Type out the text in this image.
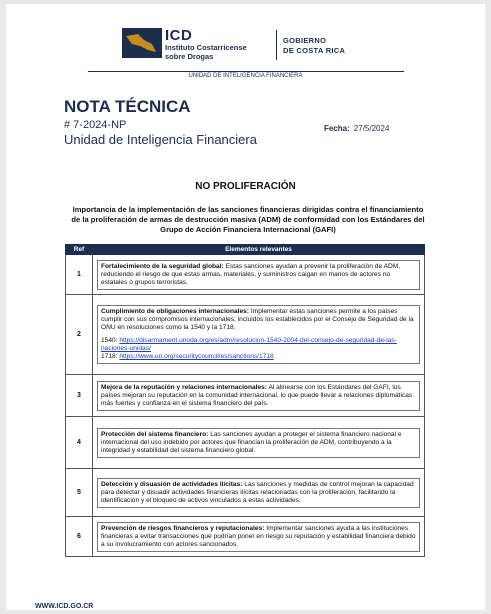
ICD
Instituto Costarricense
sobre Drogas
GOBIERNO
DE COSTA RICA
UNIDAD DE INTELIGENCIA FINANCIERA
NOTA TÉCNICA
# 7-2024-NP
Unidad de Inteligencia Financiera
Fecha: 27/5/2024
NO PROLIFERACIÓN
Importancia de la implementación de las sanciones financieras dirigidas contra el financiamiento de la proliferación de armas de destrucción masiva (ADM) de conformidad con los Estándares del Grupo de Acción Financiera Internacional (GAFI)
Ref	Elementos relevantes
1	Fortalecimiento de la seguridad global: Estas sanciones ayudan a prevenir la proliferación de ADM, reduciendo el riesgo de que estas armas, materiales, y suministros caigan en manos de actores no estatales o grupos terroristas.

2	Cumplimiento de obligaciones internacionales: Implementar estas sanciones permite a los países cumplir con sus compromisos internacionales, incluidos los establecidos por el Consejo de Seguridad de la ONU en resoluciones como la 1540 y la 1718.
1540: https://disarmament.unoda.org/es/adm/resolucion-1540-2004-del-consejo-de-seguridad-de-las-naciones-unidas/
1718: https://www.un.org/securitycouncil/es/sanctions/1718

3	Mejora de la reputación y relaciones internacionales: Al alinearse con los Estándares del GAFI, los países mejoran su reputación en la comunidad internacional, lo que puede llevar a relaciones diplomáticas más fuertes y confianza en el sistema financiero del país.

4	Protección del sistema financiero: Las sanciones ayudan a proteger el sistema financiero nacional e internacional del uso indebido por actores que financian la proliferación de ADM, contribuyendo a la integridad y estabilidad del sistema financiero global.

5	Detección y disuasión de actividades ilícitas: Las sanciones y medidas de control mejoran la capacidad para detectar y disuadir actividades financieras ilícitas relacionadas con la proliferación, facilitando la identificación y el bloqueo de activos vinculados a estas actividades.

6	Prevención de riesgos financieros y reputacionales: Implementar sanciones ayuda a las instituciones financieras a evitar transacciones que podrían poner en riesgo su reputación y estabilidad financiera debido a su involucramiento con actores sancionados.
WWW.ICD.GO.CR
